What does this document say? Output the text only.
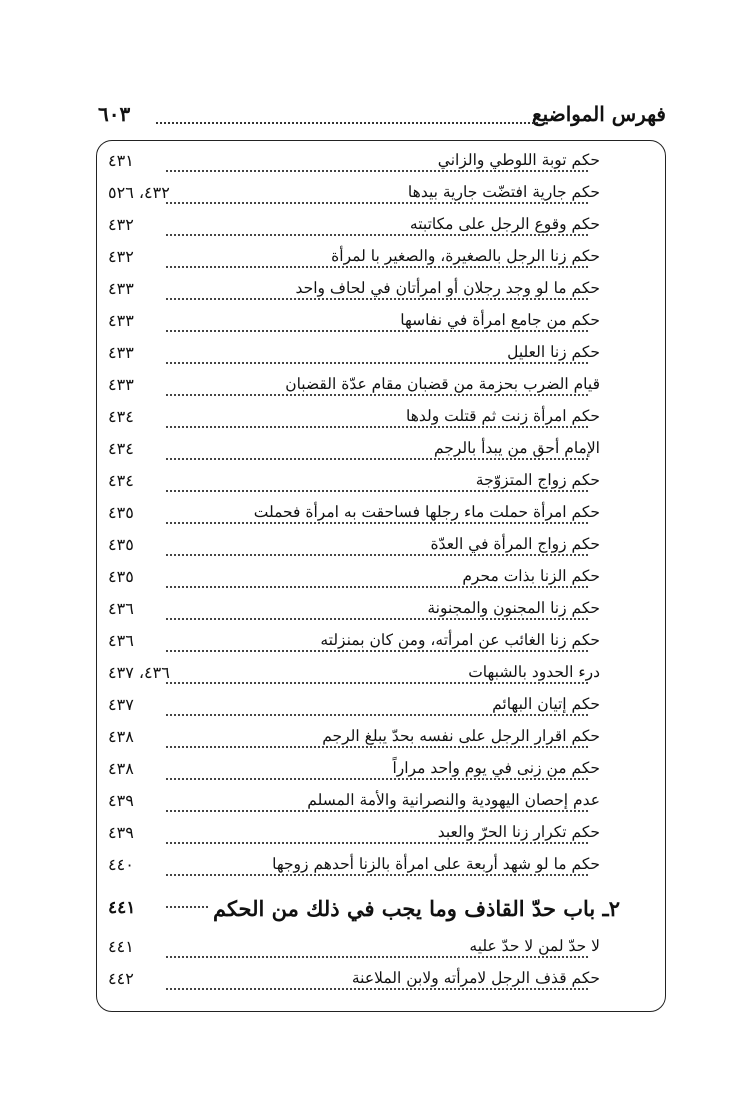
فهرس المواضيع
٦٠٣
حكم توبة اللوطي والزاني
٤٣١
حكم جارية افتضّت جارية بيدها
٤٣٢، ٥٢٦
حكم وقوع الرجل على مكاتبته
٤٣٢
حكم زنا الرجل بالصغيرة، والصغير با لمرأة
٤٣٢
حكم ما لو وجد رجلان أو امرأتان في لحاف واحد
٤٣٣
حكم من جامع امرأة في نفاسها
٤٣٣
حكم زنا العليل
٤٣٣
قيام الضرب بحزمة من قضبان مقام عدّة القضبان
٤٣٣
حكم امرأة زنت ثم قتلت ولدها
٤٣٤
الإمام أحق من يبدأ بالرجم
٤٣٤
حكم زواج المتزوّجة
٤٣٤
حكم امرأة حملت ماء رجلها فساحقت به امرأة فحملت
٤٣٥
حكم زواج المرأة في العدّة
٤٣٥
حكم الزنا بذات محرم
٤٣٥
حكم زنا المجنون والمجنونة
٤٣٦
حكم زنا الغائب عن امرأته، ومن كان بمنزلته
٤٣٦
درء الحدود بالشبهات
٤٣٦، ٤٣٧
حكم إتيان البهائم
٤٣٧
حكم اقرار الرجل على نفسه بحدّ يبلغ الرجم
٤٣٨
حكم من زنى في يوم واحد مراراً
٤٣٨
عدم إحصان اليهودية والنصرانية والأمة المسلم
٤٣٩
حكم تكرار زنا الحرّ والعبد
٤٣٩
حكم ما لو شهد أربعة على امرأة بالزنا أحدهم زوجها
٤٤٠
٢ـ باب حدّ القاذف وما يجب في ذلك من الحكم
٤٤١
لا حدّ لمن لا حدّ عليه
٤٤١
حكم قذف الرجل لامرأته ولابن الملاعنة
٤٤٢
